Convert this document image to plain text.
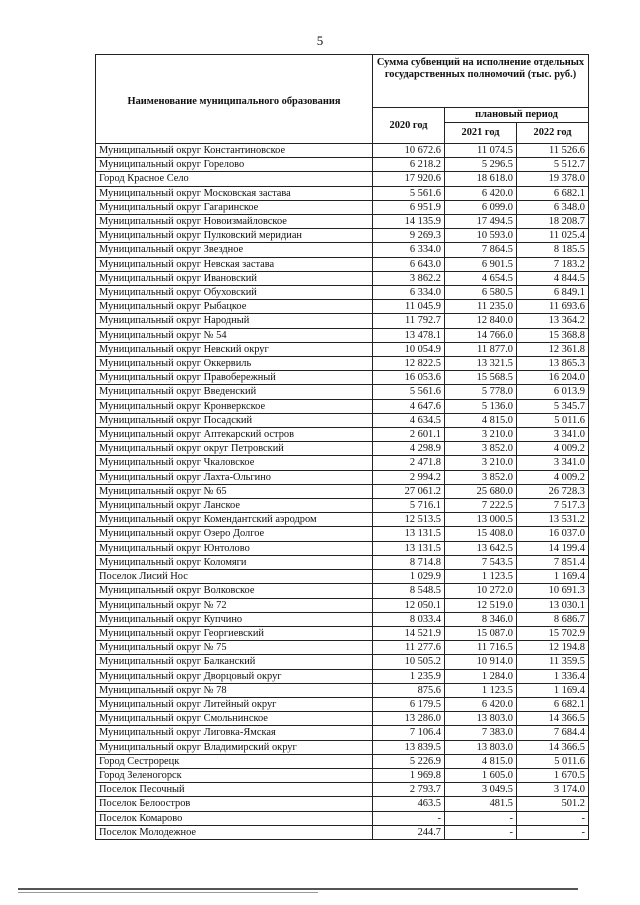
5
Наименование муниципального образования	Сумма субвенций на исполнение отдельных государственных полномочий (тыс. руб.)		
	2020 год	плановый период	
		2021 год	2022 год
Муниципальный округ Константиновское	10 672.6	11 074.5	11 526.6
Муниципальный округ Горелово	6 218.2	5 296.5	5 512.7
Город Красное Село	17 920.6	18 618.0	19 378.0
Муниципальный округ Московская застава	5 561.6	6 420.0	6 682.1
Муниципальный округ Гагаринское	6 951.9	6 099.0	6 348.0
Муниципальный округ Новоизмайловское	14 135.9	17 494.5	18 208.7
Муниципальный округ Пулковский меридиан	9 269.3	10 593.0	11 025.4
Муниципальный округ Звездное	6 334.0	7 864.5	8 185.5
Муниципальный округ Невская застава	6 643.0	6 901.5	7 183.2
Муниципальный округ Ивановский	3 862.2	4 654.5	4 844.5
Муниципальный округ Обуховский	6 334.0	6 580.5	6 849.1
Муниципальный округ Рыбацкое	11 045.9	11 235.0	11 693.6
Муниципальный округ Народный	11 792.7	12 840.0	13 364.2
Муниципальный округ № 54	13 478.1	14 766.0	15 368.8
Муниципальный округ Невский округ	10 054.9	11 877.0	12 361.8
Муниципальный округ Оккервиль	12 822.5	13 321.5	13 865.3
Муниципальный округ Правобережный	16 053.6	15 568.5	16 204.0
Муниципальный округ Введенский	5 561.6	5 778.0	6 013.9
Муниципальный округ Кронверкское	4 647.6	5 136.0	5 345.7
Муниципальный округ Посадский	4 634.5	4 815.0	5 011.6
Муниципальный округ Аптекарский остров	2 601.1	3 210.0	3 341.0
Муниципальный округ округ Петровский	4 298.9	3 852.0	4 009.2
Муниципальный округ Чкаловское	2 471.8	3 210.0	3 341.0
Муниципальный округ Лахта-Ольгино	2 994.2	3 852.0	4 009.2
Муниципальный округ № 65	27 061.2	25 680.0	26 728.3
Муниципальный округ Ланское	5 716.1	7 222.5	7 517.3
Муниципальный округ Комендантский аэродром	12 513.5	13 000.5	13 531.2
Муниципальный округ Озеро Долгое	13 131.5	15 408.0	16 037.0
Муниципальный округ Юнтолово	13 131.5	13 642.5	14 199.4
Муниципальный округ Коломяги	8 714.8	7 543.5	7 851.4
Поселок Лисий Нос	1 029.9	1 123.5	1 169.4
Муниципальный округ Волковское	8 548.5	10 272.0	10 691.3
Муниципальный округ № 72	12 050.1	12 519.0	13 030.1
Муниципальный округ Купчино	8 033.4	8 346.0	8 686.7
Муниципальный округ Георгиевский	14 521.9	15 087.0	15 702.9
Муниципальный округ № 75	11 277.6	11 716.5	12 194.8
Муниципальный округ Балканский	10 505.2	10 914.0	11 359.5
Муниципальный округ Дворцовый округ	1 235.9	1 284.0	1 336.4
Муниципальный округ № 78	875.6	1 123.5	1 169.4
Муниципальный округ Литейный округ	6 179.5	6 420.0	6 682.1
Муниципальный округ Смольнинское	13 286.0	13 803.0	14 366.5
Муниципальный округ Лиговка-Ямская	7 106.4	7 383.0	7 684.4
Муниципальный округ Владимирский округ	13 839.5	13 803.0	14 366.5
Город Сестрорецк	5 226.9	4 815.0	5 011.6
Город Зеленогорск	1 969.8	1 605.0	1 670.5
Поселок Песочный	2 793.7	3 049.5	3 174.0
Поселок Белоостров	463.5	481.5	501.2
Поселок Комарово	-	-	-
Поселок Молодежное	244.7	-	-
